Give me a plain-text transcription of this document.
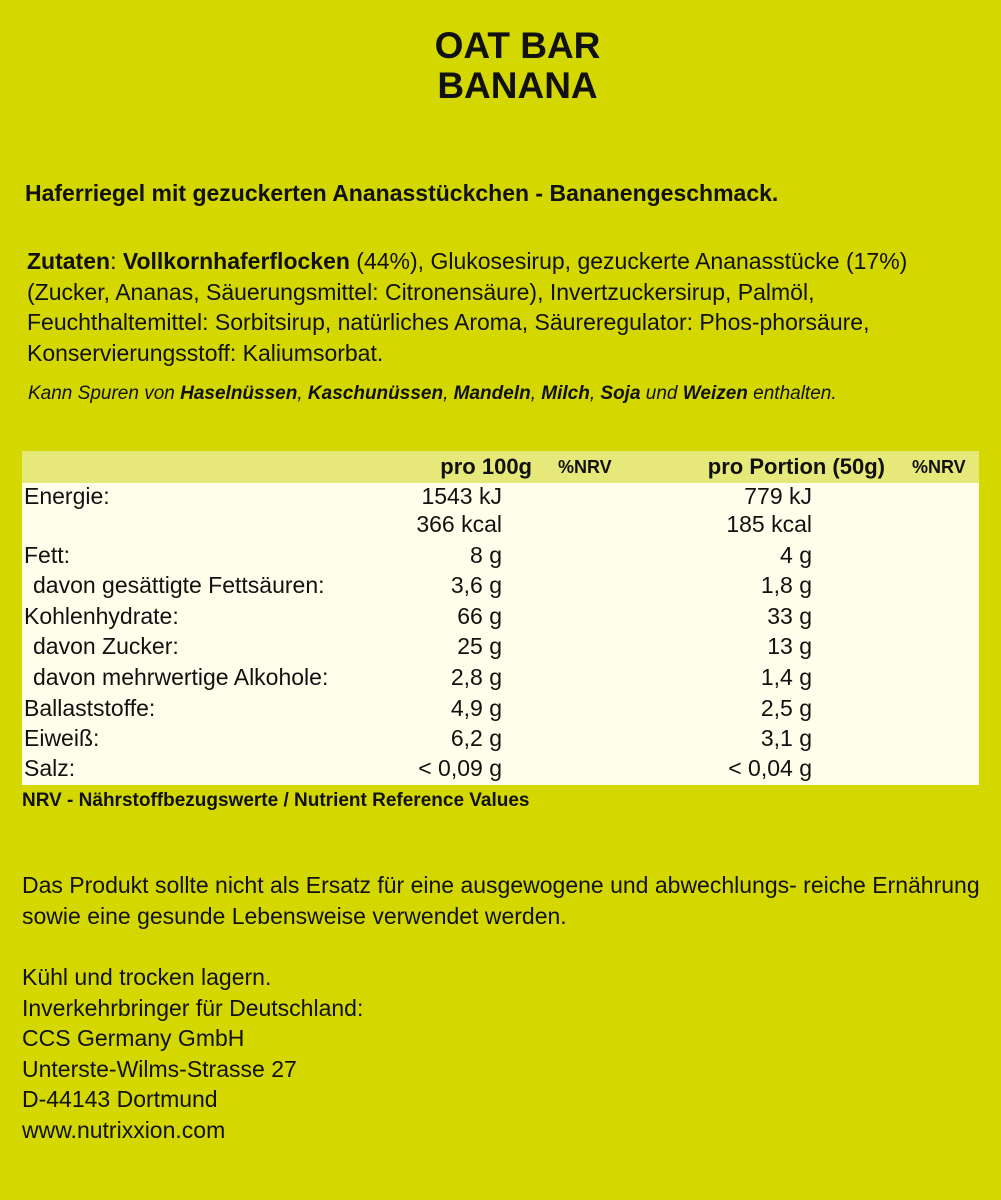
OAT BAR
BANANA
Haferriegel mit gezuckerten Ananasstückchen - Bananengeschmack.
Zutaten: Vollkornhaferflocken (44%), Glukosesirup, gezuckerte Ananasstücke (17%) (Zucker, Ananas, Säuerungsmittel: Citronensäure), Invertzuckersirup, Palmöl, Feuchthaltemittel: Sorbitsirup, natürliches Aroma, Säureregulator: Phos-phorsäure, Konservierungsstoff: Kaliumsorbat.
Kann Spuren von Haselnüssen, Kaschunüssen, Mandeln, Milch, Soja und Weizen enthalten.
pro 100g %NRV	pro Portion (50g) %NRV
Energie:	1543 kJ	779 kJ
366 kcal	185 kcal
Fett:	8 g	4 g
davon gesättigte Fettsäuren:	3,6 g	1,8 g
Kohlenhydrate:	66 g	33 g
davon Zucker:	25 g	13 g
davon mehrwertige Alkohole:	2,8 g	1,4 g
Ballaststoffe:	4,9 g	2,5 g
Eiweiß:	6,2 g	3,1 g
Salz:	< 0,09 g	< 0,04 g
NRV - Nährstoffbezugswerte / Nutrient Reference Values
Das Produkt sollte nicht als Ersatz für eine ausgewogene und abwechlungs- reiche Ernährung sowie eine gesunde Lebensweise verwendet werden.
Kühl und trocken lagern.
Inverkehrbringer für Deutschland:
CCS Germany GmbH
Unterste-Wilms-Strasse 27
D-44143 Dortmund
www.nutrixxion.com
